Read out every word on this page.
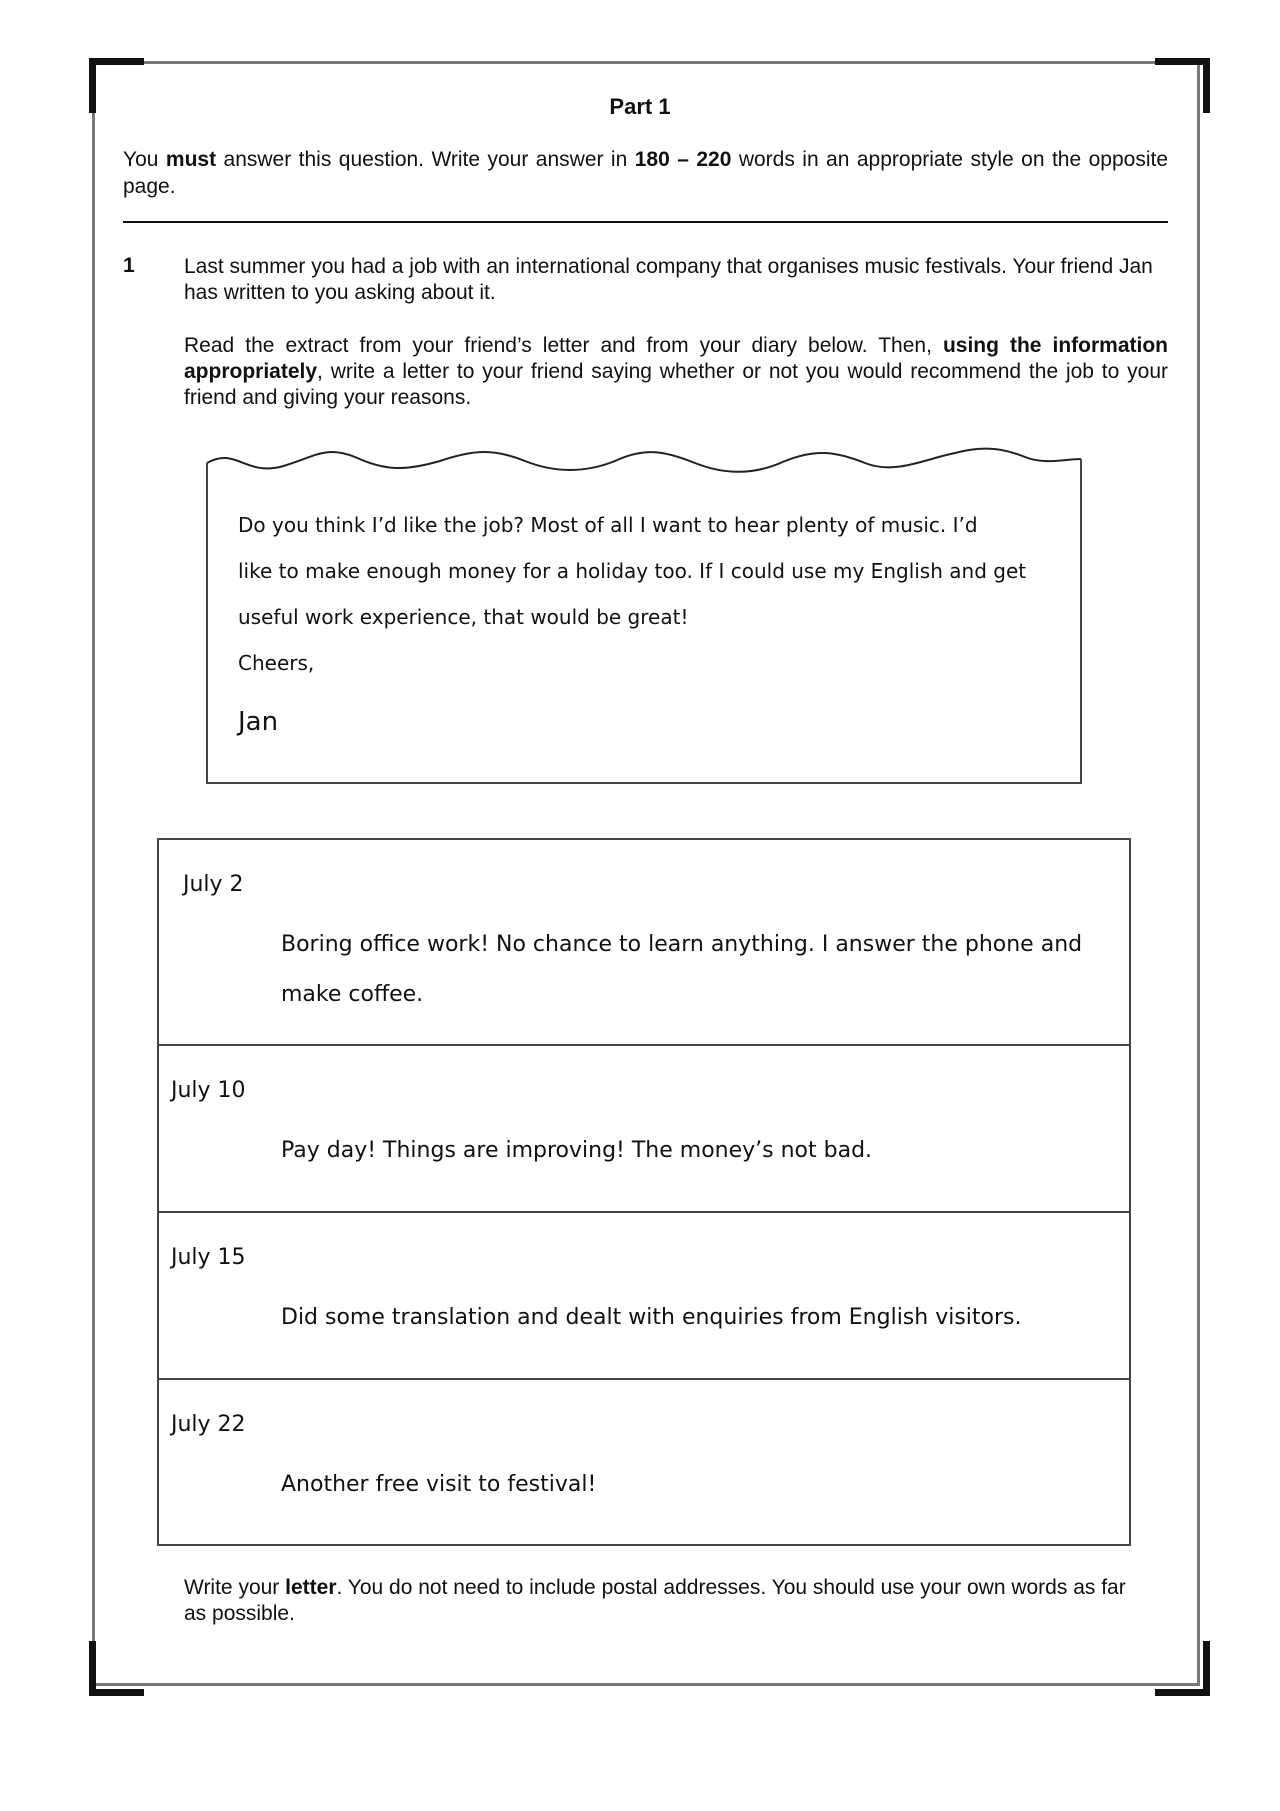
Part 1
You must answer this question. Write your answer in 180 – 220 words in an appropriate style on the opposite page.
1 Last summer you had a job with an international company that organises music festivals. Your friend Jan has written to you asking about it.
Read the extract from your friend’s letter and from your diary below. Then, using the information appropriately, write a letter to your friend saying whether or not you would recommend the job to your friend and giving your reasons.
Do you think I’d like the job? Most of all I want to hear plenty of music. I’d
like to make enough money for a holiday too. If I could use my English and get
useful work experience, that would be great!
Cheers,
Jan
July 2
Boring office work! No chance to learn anything. I answer the phone and
make coffee.
July 10
Pay day! Things are improving! The money’s not bad.
July 15
Did some translation and dealt with enquiries from English visitors.
July 22
Another free visit to festival!
Write your letter. You do not need to include postal addresses. You should use your own words as far as possible.
